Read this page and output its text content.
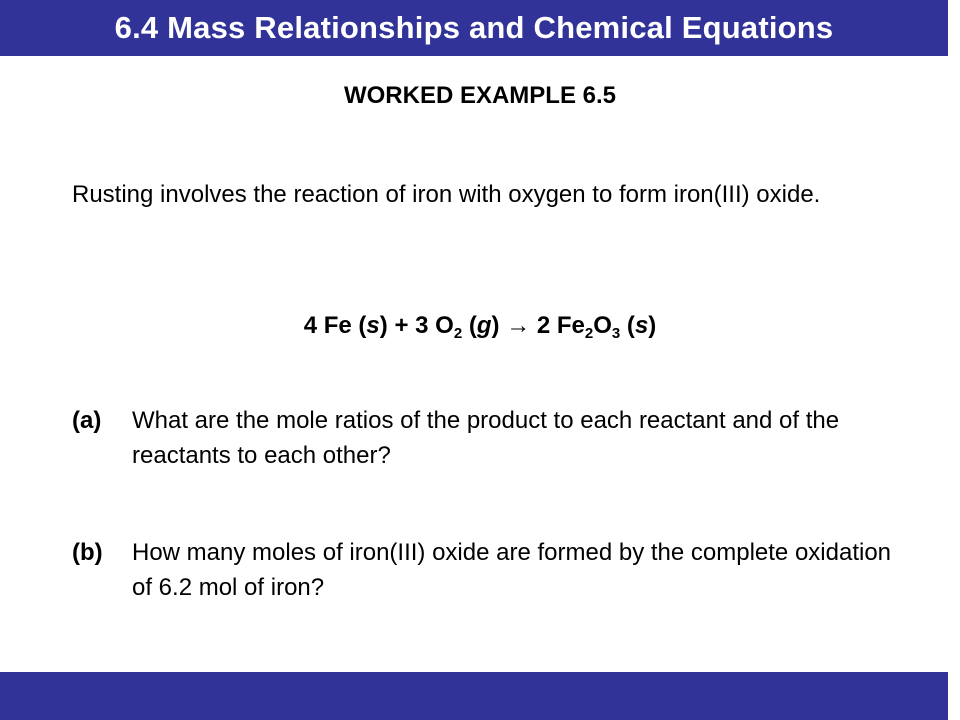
6.4 Mass Relationships and Chemical Equations
WORKED EXAMPLE 6.5
Rusting involves the reaction of iron with oxygen to form iron(III) oxide.
4 Fe (s) + 3 $O_2$ (g) → 2 $Fe_2O_3$ (s)
(a) What are the mole ratios of the product to each reactant and of the reactants to each other?
(b) How many moles of iron(III) oxide are formed by the complete oxidation of 6.2 mol of iron?
